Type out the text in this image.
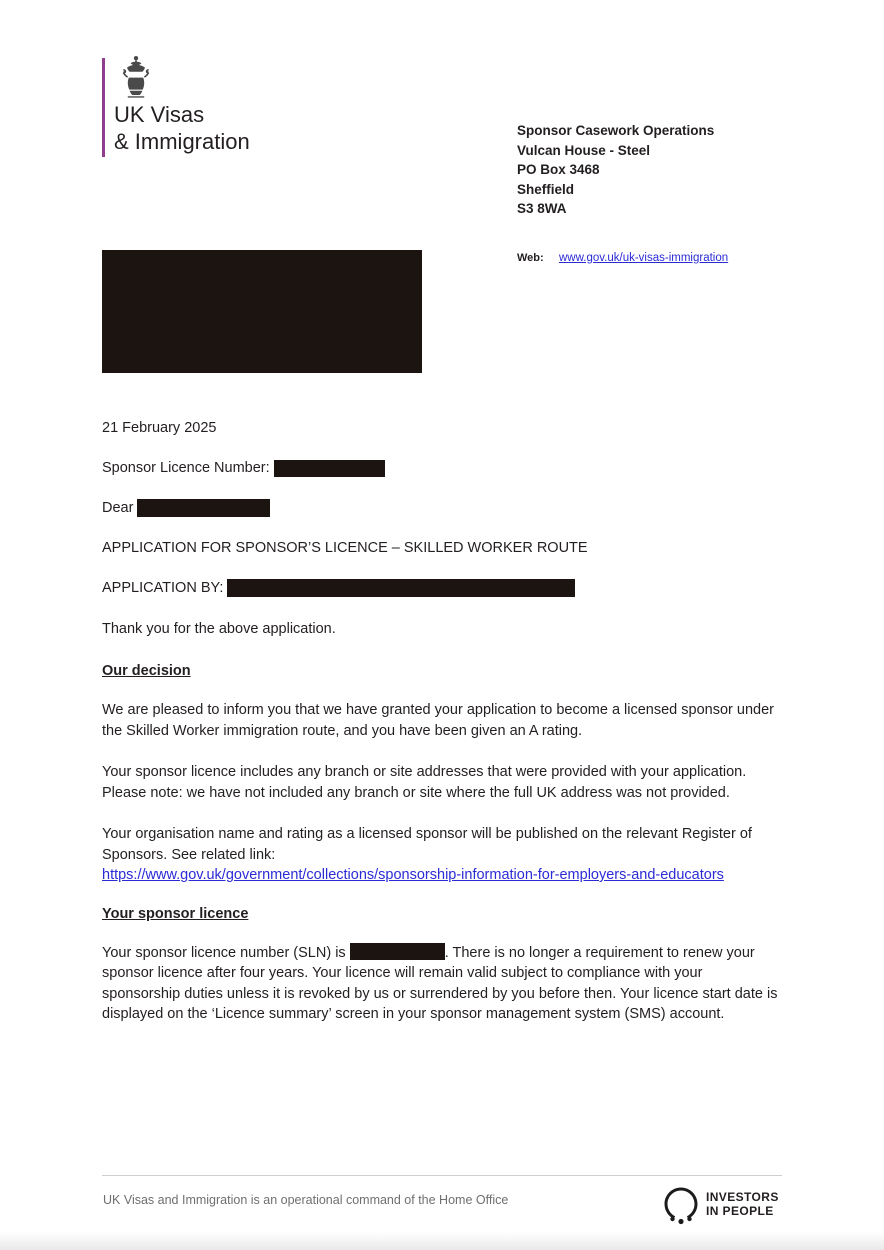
UK Visas
& Immigration	Sponsor Casework Operations
Vulcan House - Steel
PO Box 3468
Sheffield
S3 8WA
Web: www.gov.uk/uk-visas-immigration
21 February 2025
Sponsor Licence Number:
Dear
APPLICATION FOR SPONSOR’S LICENCE – SKILLED WORKER ROUTE
APPLICATION BY:
Thank you for the above application.
Our decision

We are pleased to inform you that we have granted your application to become a licensed sponsor under the Skilled Worker immigration route, and you have been given an A rating.

Your sponsor licence includes any branch or site addresses that were provided with your application. Please note: we have not included any branch or site where the full UK address was not provided.

Your organisation name and rating as a licensed sponsor will be published on the relevant Register of Sponsors. See related link:
https://www.gov.uk/government/collections/sponsorship-information-for-employers-and-educators

Your sponsor licence

Your sponsor licence number (SLN) is	. There is no longer a requirement to renew your sponsor licence after four years. Your licence will remain valid subject to compliance with your sponsorship duties unless it is revoked by us or surrendered by you before then. Your licence start date is displayed on the ‘Licence summary’ screen in your sponsor management system (SMS) account.

UK Visas and Immigration is an operational command of the Home Office	INVESTORS
IN PEOPLE
